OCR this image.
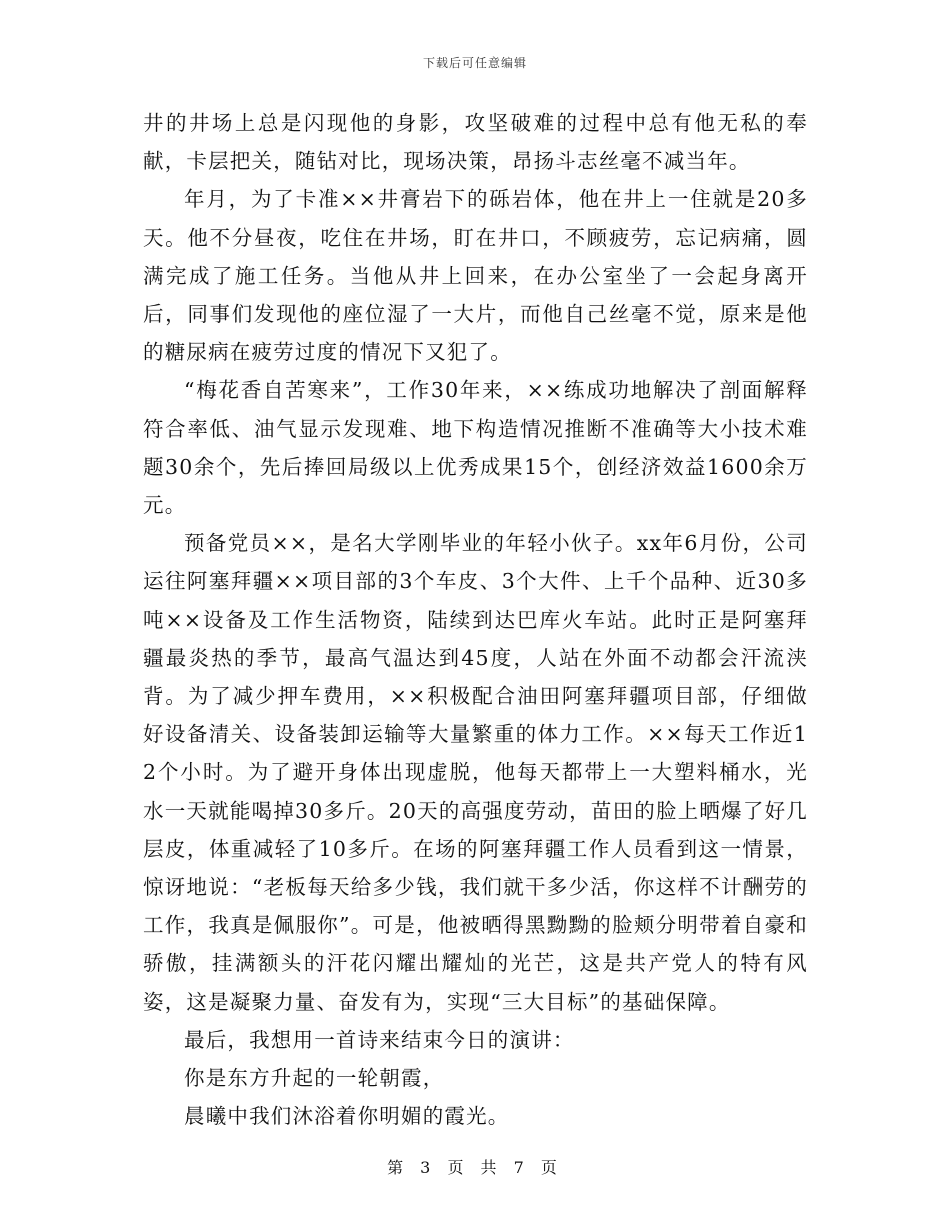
下载后可任意编辑

井的井场上总是闪现他的身影，攻坚破难的过程中总有他无私的奉献，卡层把关，随钻对比，现场决策，昂扬斗志丝毫不减当年。

年月，为了卡准××井膏岩下的砾岩体，他在井上一住就是20多天。他不分昼夜，吃住在井场，盯在井口，不顾疲劳，忘记病痛，圆满完成了施工任务。当他从井上回来，在办公室坐了一会起身离开后，同事们发现他的座位湿了一大片，而他自己丝毫不觉，原来是他的糖尿病在疲劳过度的情况下又犯了。

“梅花香自苦寒来”，工作30年来，××练成功地解决了剖面解释符合率低、油气显示发现难、地下构造情况推断不准确等大小技术难题30余个，先后捧回局级以上优秀成果15个，创经济效益1600余万元。

预备党员××，是名大学刚毕业的年轻小伙子。xx年6月份，公司运往阿塞拜疆××项目部的3个车皮、3个大件、上千个品种、近30多吨××设备及工作生活物资，陆续到达巴库火车站。此时正是阿塞拜疆最炎热的季节，最高气温达到45度，人站在外面不动都会汗流浃背。为了减少押车费用，××积极配合油田阿塞拜疆项目部，仔细做好设备清关、设备装卸运输等大量繁重的体力工作。××每天工作近12个小时。为了避开身体出现虚脱，他每天都带上一大塑料桶水，光水一天就能喝掉30多斤。20天的高强度劳动，苗田的脸上晒爆了好几层皮，体重减轻了10多斤。在场的阿塞拜疆工作人员看到这一情景，惊讶地说：“老板每天给多少钱，我们就干多少活，你这样不计酬劳的工作，我真是佩服你”。可是，他被晒得黑黝黝的脸颊分明带着自豪和骄傲，挂满额头的汗花闪耀出耀灿的光芒，这是共产党人的特有风姿，这是凝聚力量、奋发有为，实现“三大目标”的基础保障。

最后，我想用一首诗来结束今日的演讲：

你是东方升起的一轮朝霞，

晨曦中我们沐浴着你明媚的霞光。

第 3 页 共 7 页
